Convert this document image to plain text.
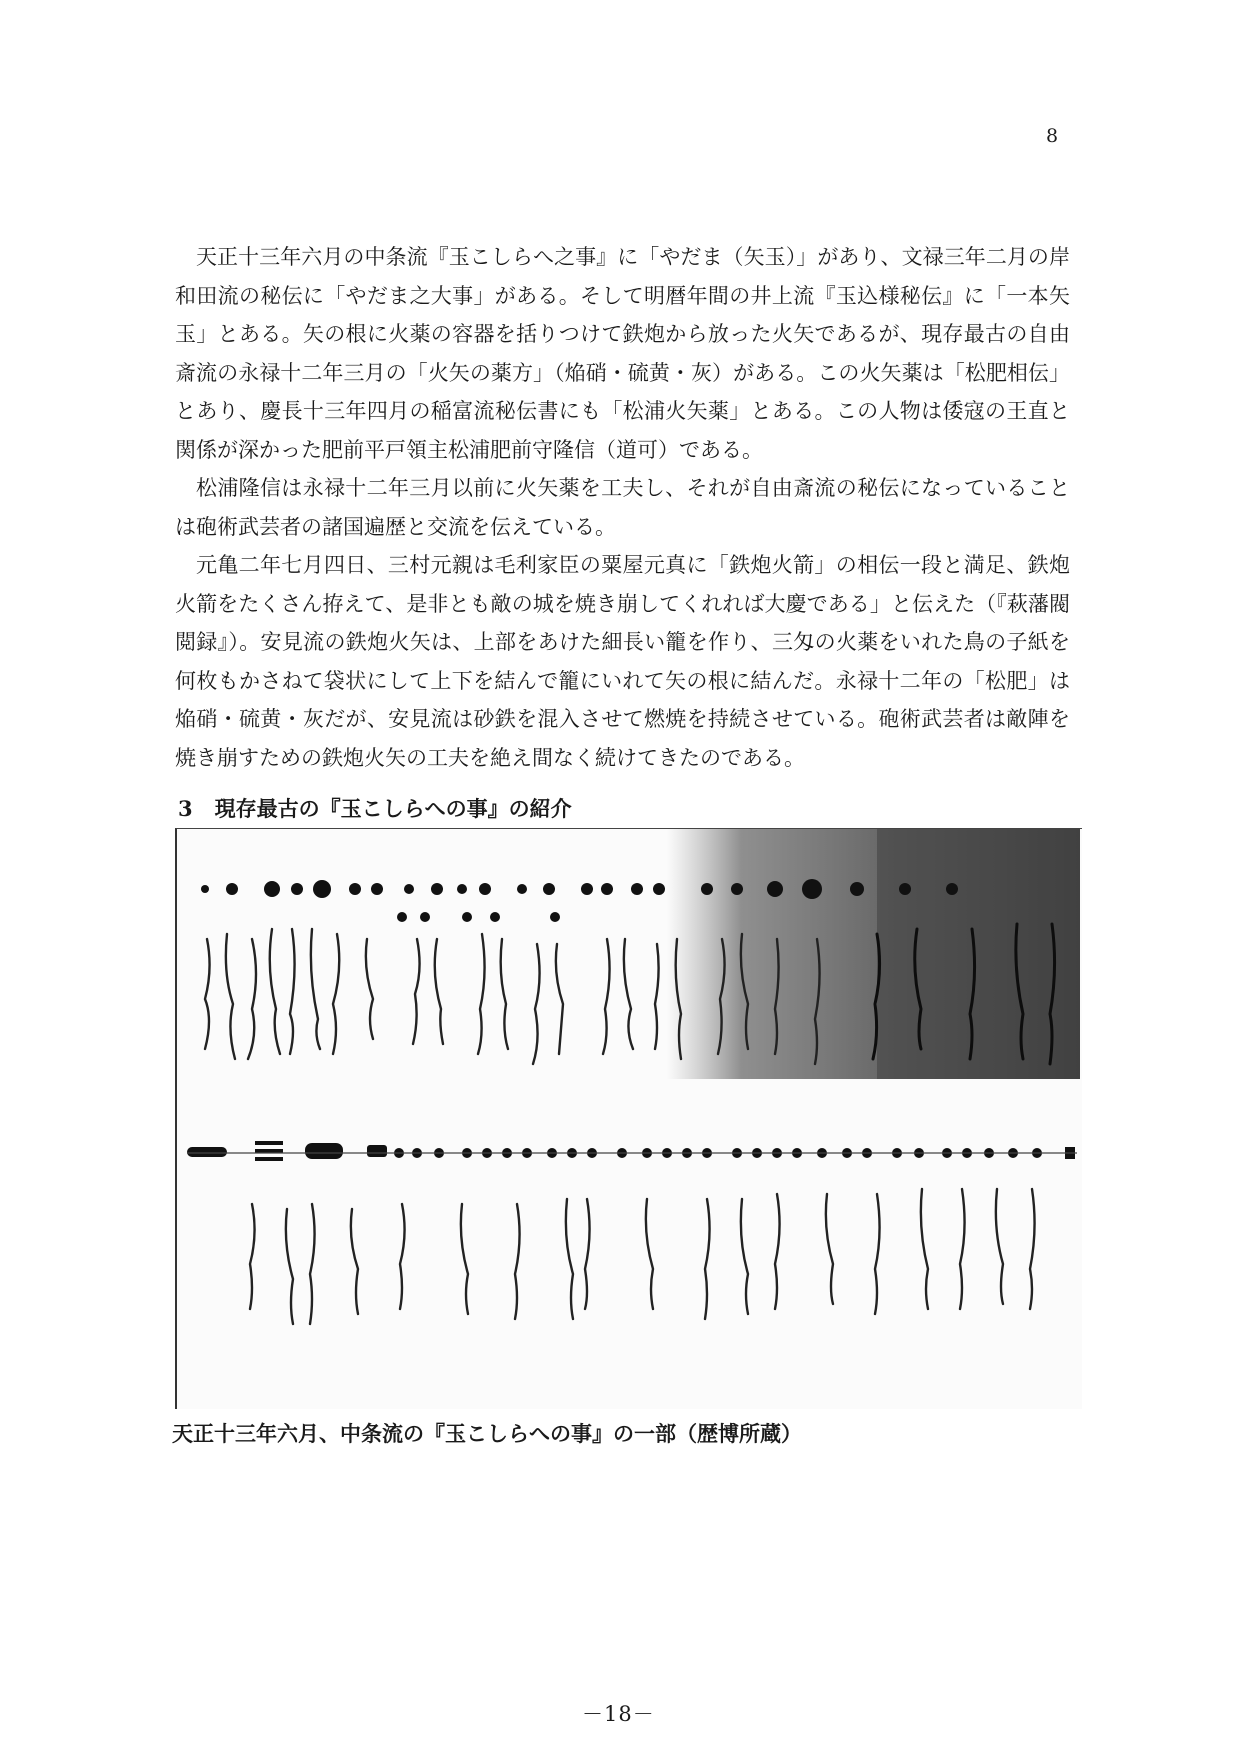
8

天正十三年六月の中条流『玉こしらへ之事』に「やだま（矢玉）」があり、文禄三年二月の岸和田流の秘伝に「やだま之大事」がある。そして明暦年間の井上流『玉込様秘伝』に「一本矢玉」とある。矢の根に火薬の容器を括りつけて鉄炮から放った火矢であるが、現存最古の自由斎流の永禄十二年三月の「火矢の薬方」（焔硝・硫黄・灰）がある。この火矢薬は「松肥相伝」とあり、慶長十三年四月の稲富流秘伝書にも「松浦火矢薬」とある。この人物は倭寇の王直と関係が深かった肥前平戸領主松浦肥前守隆信（道可）である。

松浦隆信は永禄十二年三月以前に火矢薬を工夫し、それが自由斎流の秘伝になっていることは砲術武芸者の諸国遍歴と交流を伝えている。

元亀二年七月四日、三村元親は毛利家臣の粟屋元真に「鉄炮火箭」の相伝一段と満足、鉄炮火箭をたくさん拵えて、是非とも敵の城を焼き崩してくれれば大慶である」と伝えた（『萩藩閥閲録』）。安見流の鉄炮火矢は、上部をあけた細長い籠を作り、三匁の火薬をいれた鳥の子紙を何枚もかさねて袋状にして上下を結んで籠にいれて矢の根に結んだ。永禄十二年の「松肥」は焔硝・硫黄・灰だが、安見流は砂鉄を混入させて燃焼を持続させている。砲術武芸者は敵陣を焼き崩すための鉄炮火矢の工夫を絶え間なく続けてきたのである。

3 現存最古の『玉こしらへの事』の紹介
天正十三年六月、中条流の『玉こしらへの事』の一部（歴博所蔵）
－18－
